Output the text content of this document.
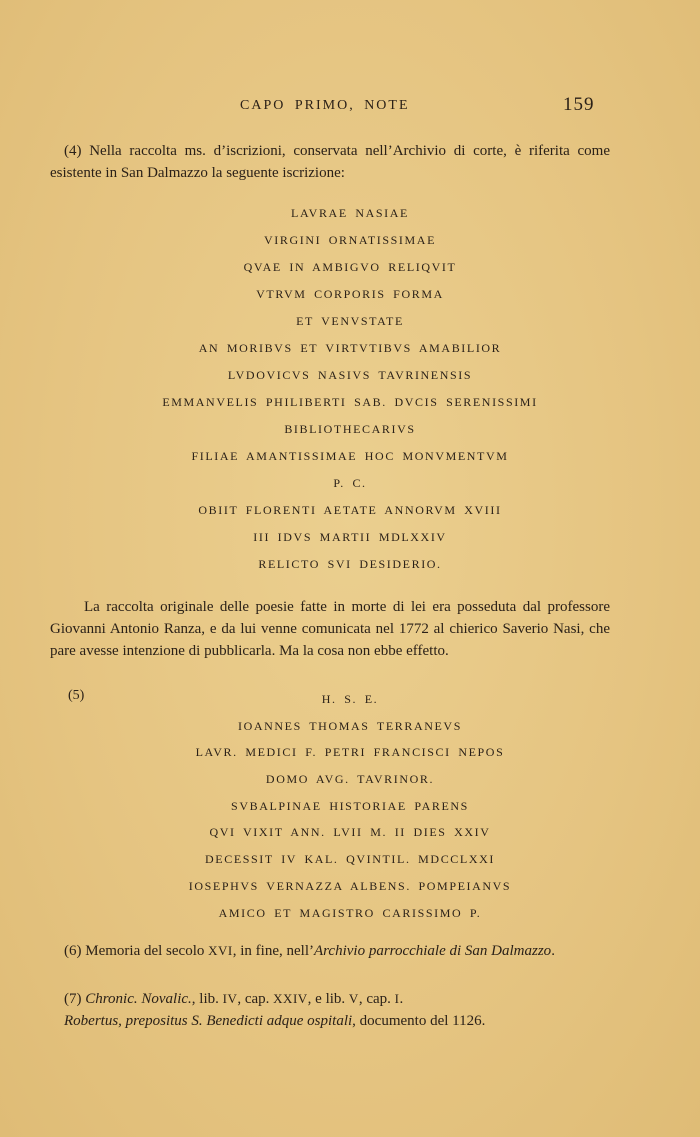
CAPO PRIMO, NOTE	159
(4) Nella raccolta ms. d’iscrizioni, conservata nell’Archivio di corte, è riferita come esistente in San Dalmazzo la seguente iscrizione:
LAVRAE NASIAE
VIRGINI ORNATISSIMAE
QVAE IN AMBIGVO RELIQVIT
VTRVM CORPORIS FORMA
ET VENVSTATE
AN MORIBVS ET VIRTVTIBVS AMABILIOR
LVDOVICVS NASIVS TAVRINENSIS
EMMANVELIS PHILIBERTI SAB. DVCIS SERENISSIMI
BIBLIOTHECARIVS
FILIAE AMANTISSIMAE HOC MONVMENTVM
P. C.
OBIIT FLORENTI AETATE ANNORVM XVIII
III IDVS MARTII MDLXXIV
RELICTO SVI DESIDERIO.
La raccolta originale delle poesie fatte in morte di lei era posseduta dal professore Giovanni Antonio Ranza, e da lui venne comunicata nel 1772 al chierico Saverio Nasi, che pare avesse intenzione di pubblicarla. Ma la cosa non ebbe effetto.
(5)	H. S. E.
IOANNES THOMAS TERRANEVS
LAVR. MEDICI F. PETRI FRANCISCI NEPOS
DOMO AVG. TAVRINOR.
SVBALPINAE HISTORIAE PARENS
QVI VIXIT ANN. LVII M. II DIES XXIV
DECESSIT IV KAL. QVINTIL. MDCCLXXI
IOSEPHVS VERNAZZA ALBENS. POMPEIANVS
AMICO ET MAGISTRO CARISSIMO P.
(6) Memoria del secolo XVI, in fine, nell’Archivio parrocchiale di San Dalmazzo.
(7) Chronic. Novalic., lib. IV, cap. XXIV, e lib. V, cap. I.
Robertus, prepositus S. Benedicti adque ospitali, documento del 1126.
